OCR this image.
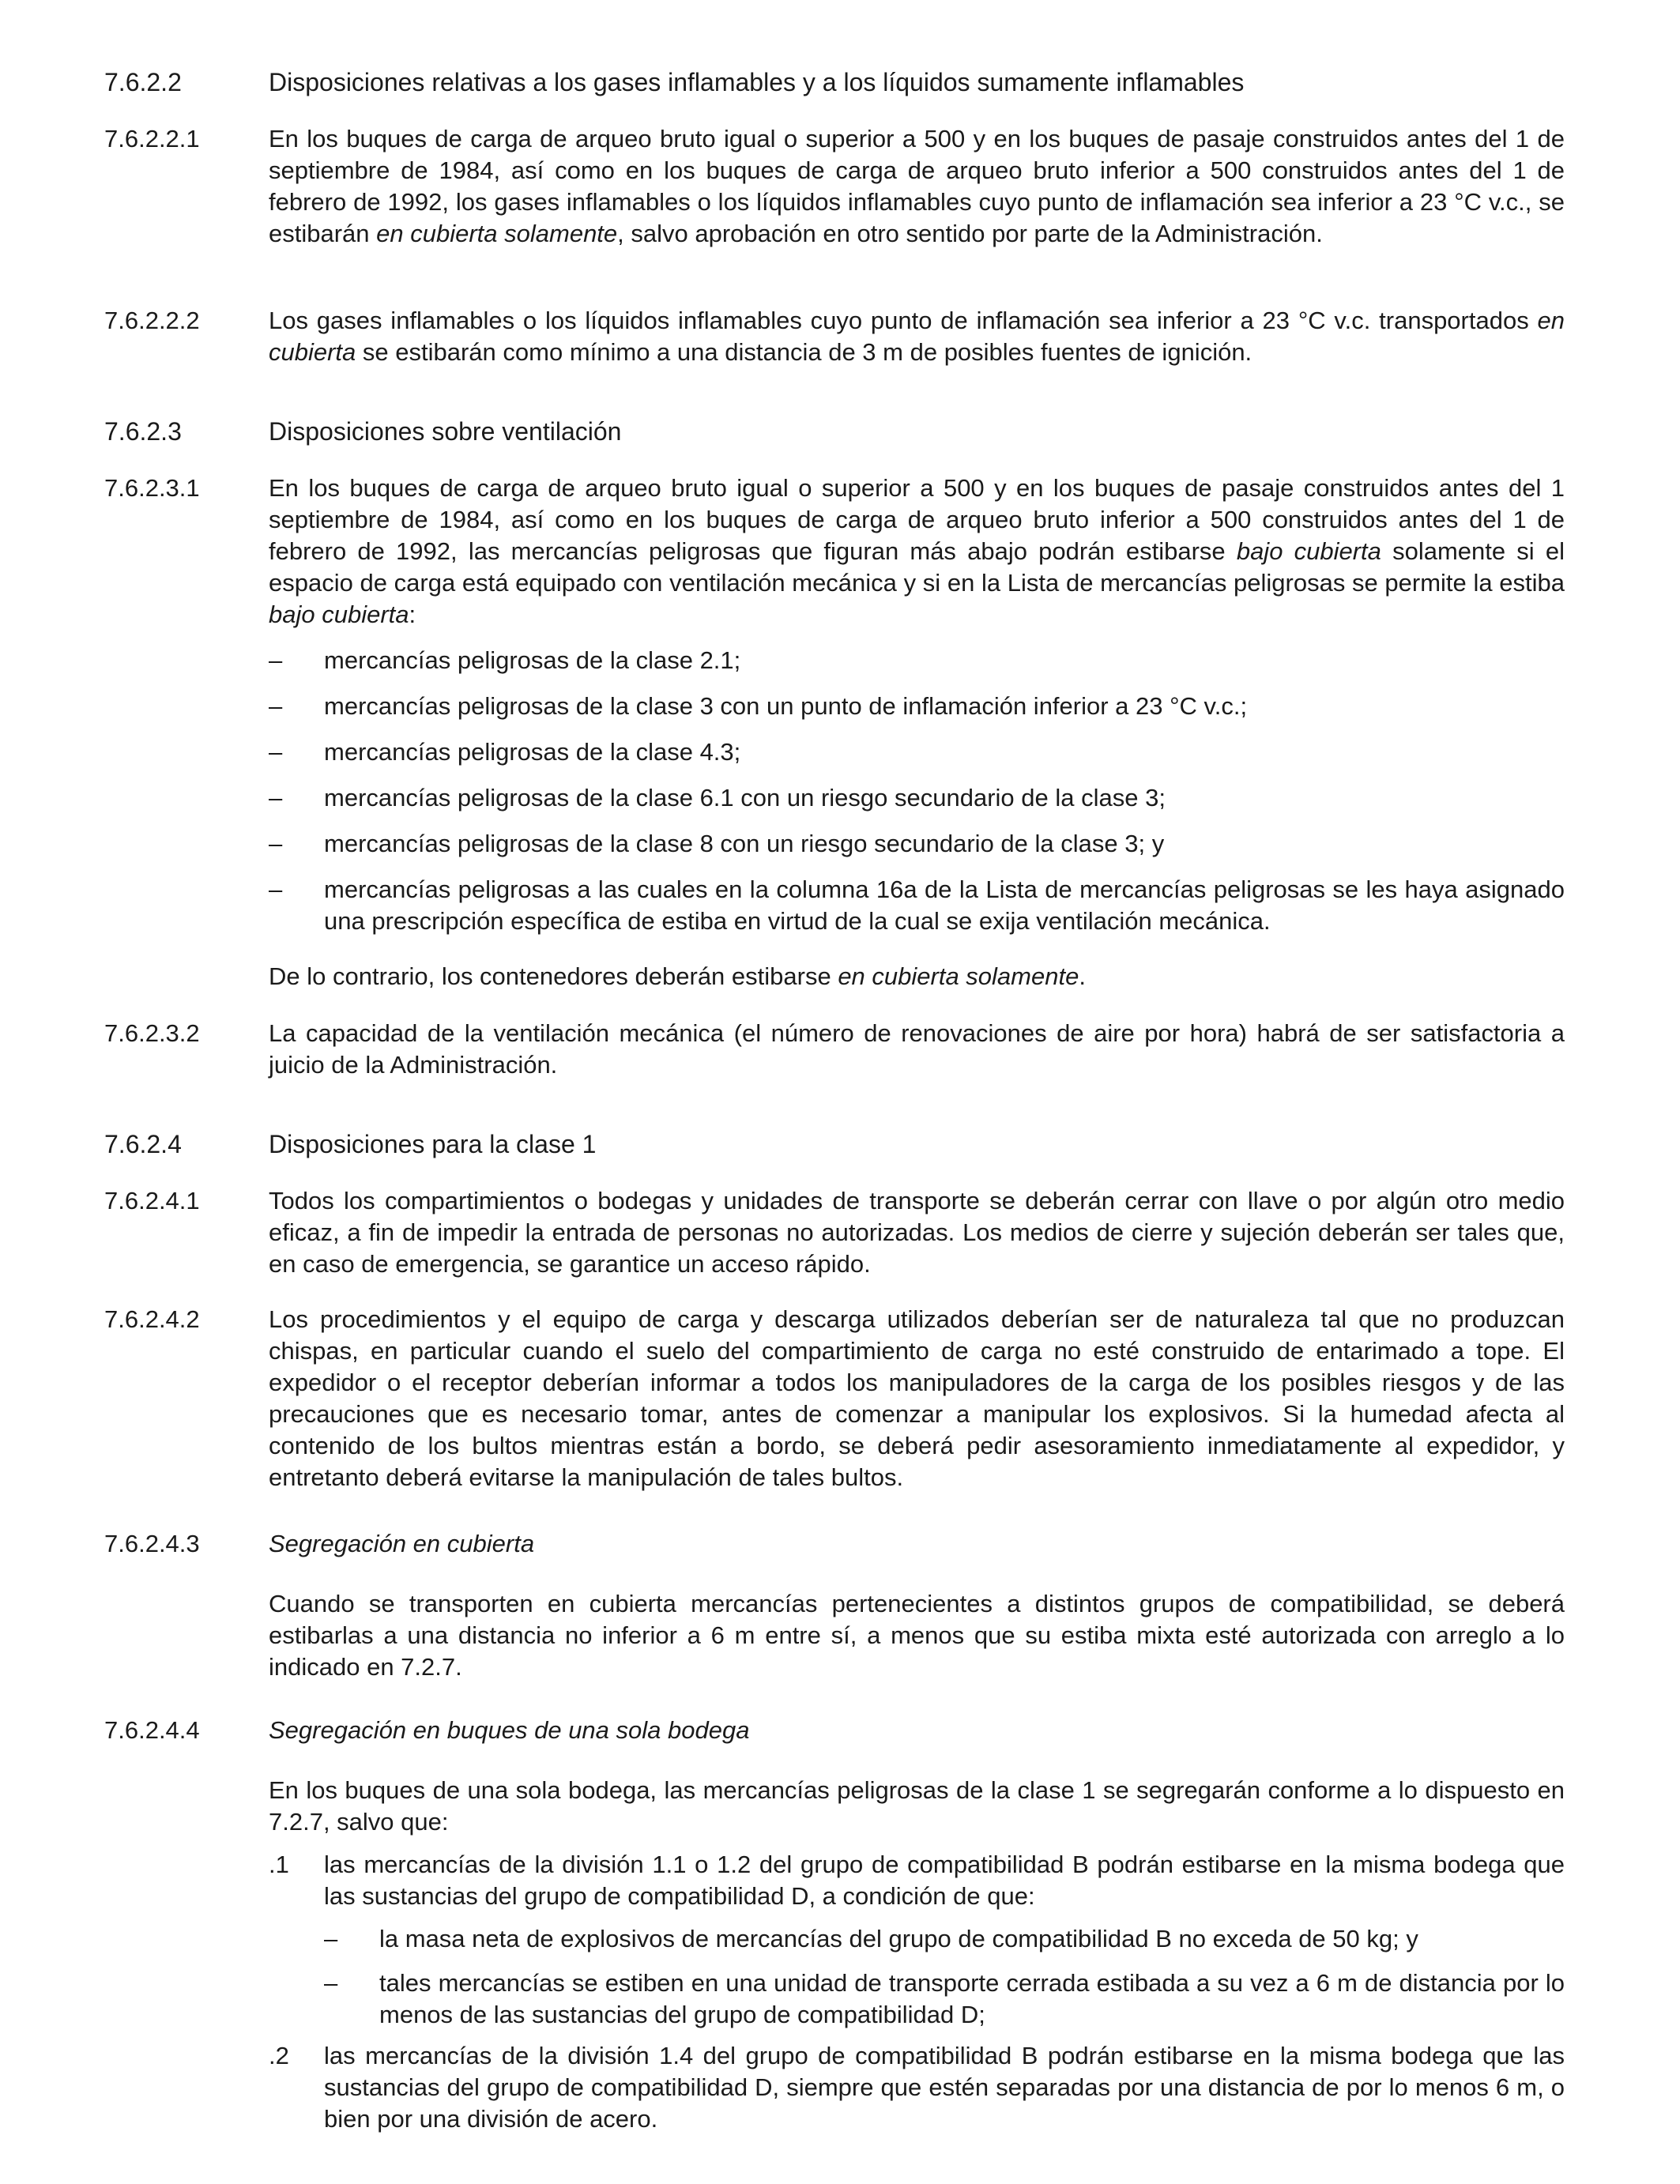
7.6.2.2	Disposiciones relativas a los gases inflamables y a los líquidos sumamente inflamables
7.6.2.2.1	En los buques de carga de arqueo bruto igual o superior a 500 y en los buques de pasaje construidos antes del 1 de septiembre de 1984, así como en los buques de carga de arqueo bruto inferior a 500 construidos antes del 1 de febrero de 1992, los gases inflamables o los líquidos inflamables cuyo punto de inflamación sea inferior a 23 °C v.c., se estibarán en cubierta solamente, salvo aprobación en otro sentido por parte de la Administración.
7.6.2.2.2	Los gases inflamables o los líquidos inflamables cuyo punto de inflamación sea inferior a 23 °C v.c. transportados en cubierta se estibarán como mínimo a una distancia de 3 m de posibles fuentes de ignición.
7.6.2.3	Disposiciones sobre ventilación
7.6.2.3.1	En los buques de carga de arqueo bruto igual o superior a 500 y en los buques de pasaje construidos antes del 1 septiembre de 1984, así como en los buques de carga de arqueo bruto inferior a 500 construidos antes del 1 de febrero de 1992, las mercancías peligrosas que figuran más abajo podrán estibarse bajo cubierta solamente si el espacio de carga está equipado con ventilación mecánica y si en la Lista de mercancías peligrosas se permite la estiba bajo cubierta:
–	mercancías peligrosas de la clase 2.1;
–	mercancías peligrosas de la clase 3 con un punto de inflamación inferior a 23 °C v.c.;
–	mercancías peligrosas de la clase 4.3;
–	mercancías peligrosas de la clase 6.1 con un riesgo secundario de la clase 3;
–	mercancías peligrosas de la clase 8 con un riesgo secundario de la clase 3; y
–	mercancías peligrosas a las cuales en la columna 16a de la Lista de mercancías peligrosas se les haya asignado una prescripción específica de estiba en virtud de la cual se exija ventilación mecánica.
De lo contrario, los contenedores deberán estibarse en cubierta solamente.
7.6.2.3.2	La capacidad de la ventilación mecánica (el número de renovaciones de aire por hora) habrá de ser satisfactoria a juicio de la Administración.
7.6.2.4	Disposiciones para la clase 1
7.6.2.4.1	Todos los compartimientos o bodegas y unidades de transporte se deberán cerrar con llave o por algún otro medio eficaz, a fin de impedir la entrada de personas no autorizadas. Los medios de cierre y sujeción deberán ser tales que, en caso de emergencia, se garantice un acceso rápido.
7.6.2.4.2	Los procedimientos y el equipo de carga y descarga utilizados deberían ser de naturaleza tal que no produzcan chispas, en particular cuando el suelo del compartimiento de carga no esté construido de entarimado a tope. El expedidor o el receptor deberían informar a todos los manipuladores de la carga de los posibles riesgos y de las precauciones que es necesario tomar, antes de comenzar a manipular los explosivos. Si la humedad afecta al contenido de los bultos mientras están a bordo, se deberá pedir asesoramiento inmediatamente al expedidor, y entretanto deberá evitarse la manipulación de tales bultos.
7.6.2.4.3	Segregación en cubierta
Cuando se transporten en cubierta mercancías pertenecientes a distintos grupos de compatibilidad, se deberá estibarlas a una distancia no inferior a 6 m entre sí, a menos que su estiba mixta esté autorizada con arreglo a lo indicado en 7.2.7.
7.6.2.4.4	Segregación en buques de una sola bodega
En los buques de una sola bodega, las mercancías peligrosas de la clase 1 se segregarán conforme a lo dispuesto en 7.2.7, salvo que:
.1	las mercancías de la división 1.1 o 1.2 del grupo de compatibilidad B podrán estibarse en la misma bodega que las sustancias del grupo de compatibilidad D, a condición de que:
–	la masa neta de explosivos de mercancías del grupo de compatibilidad B no exceda de 50 kg; y
–	tales mercancías se estiben en una unidad de transporte cerrada estibada a su vez a 6 m de distancia por lo menos de las sustancias del grupo de compatibilidad D;
.2	las mercancías de la división 1.4 del grupo de compatibilidad B podrán estibarse en la misma bodega que las sustancias del grupo de compatibilidad D, siempre que estén separadas por una distancia de por lo menos 6 m, o bien por una división de acero.
